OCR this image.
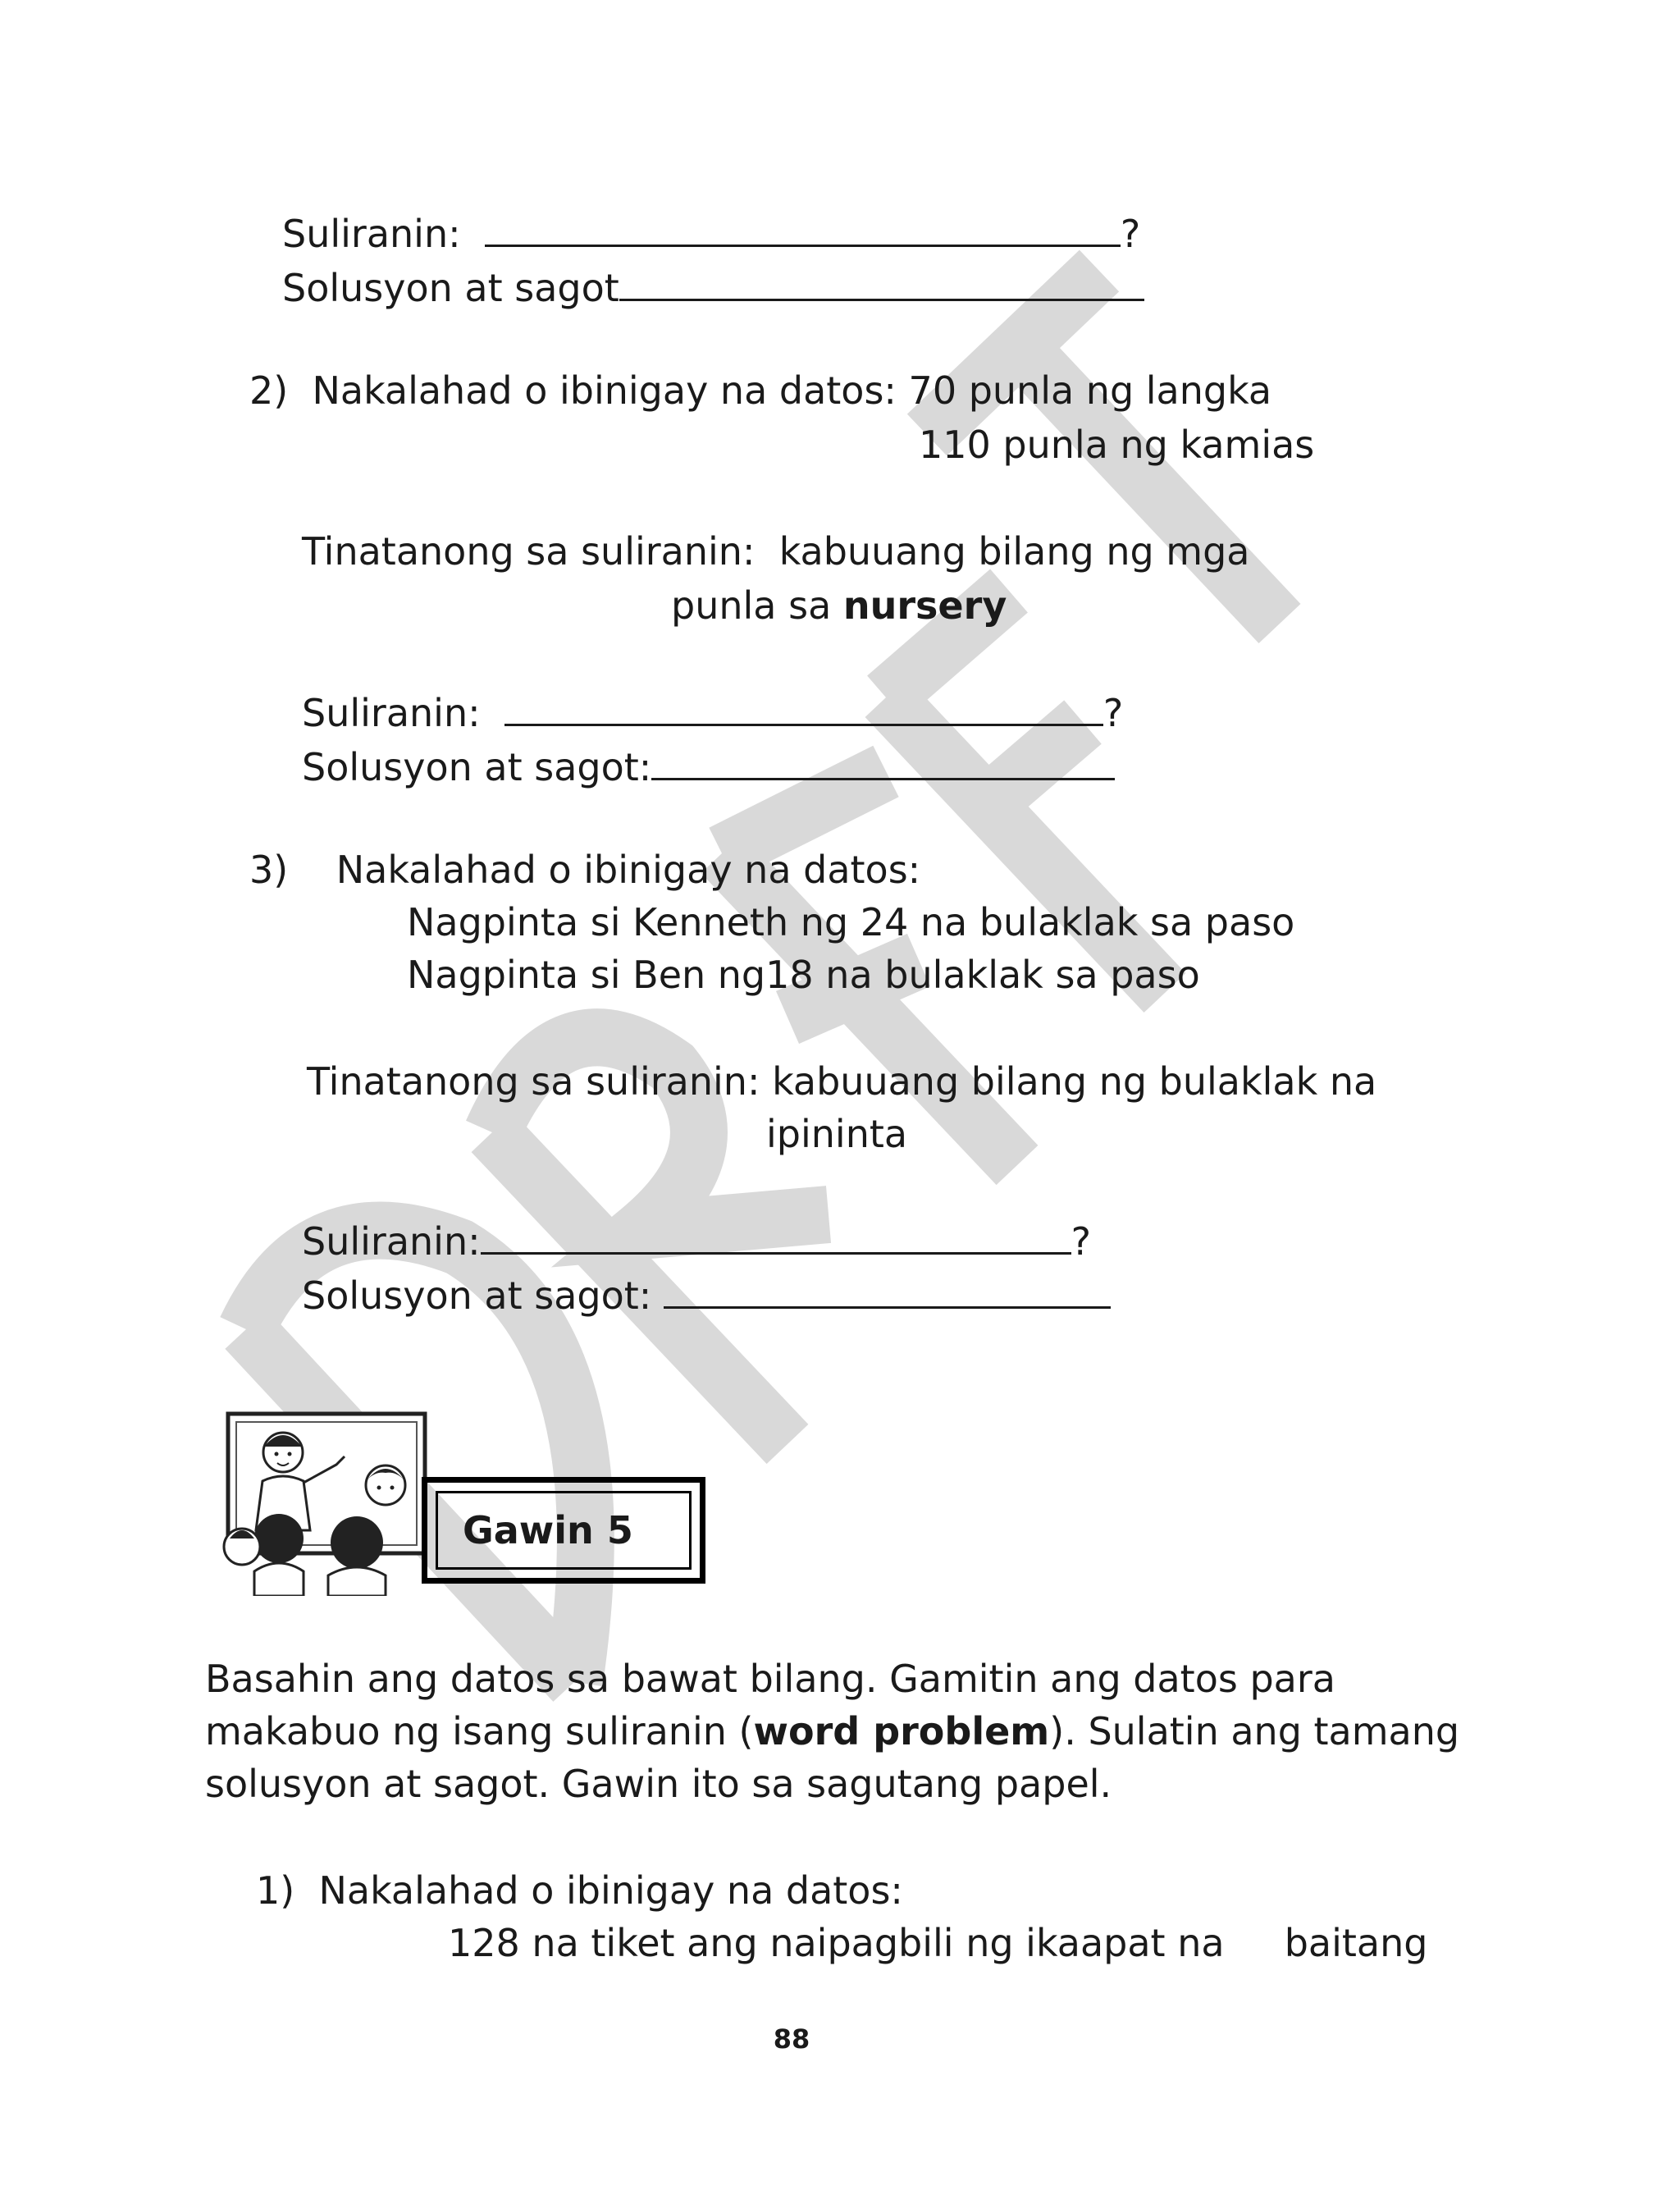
Suliranin:	?
Solusyon at sagot
2) Nakalahad o ibinigay na datos: 70 punla ng langka
110 punla ng kamias
Tinatanong sa suliranin: kabuuang bilang ng mga
punla sa nursery
Suliranin:	?
Solusyon at sagot:
3) Nakalahad o ibinigay na datos:
Nagpinta si Kenneth ng 24 na bulaklak sa paso
Nagpinta si Ben ng18 na bulaklak sa paso
Tinatanong sa suliranin: kabuuang bilang ng bulaklak na
ipininta
Suliranin:	?
Solusyon at sagot:
Gawin 5
Basahin ang datos sa bawat bilang. Gamitin ang datos para
makabuo ng isang suliranin (word problem). Sulatin ang tamang
solusyon at sagot. Gawin ito sa sagutang papel.
1) Nakalahad o ibinigay na datos:
128 na tiket ang naipagbili ng ikaapat na baitang
88
